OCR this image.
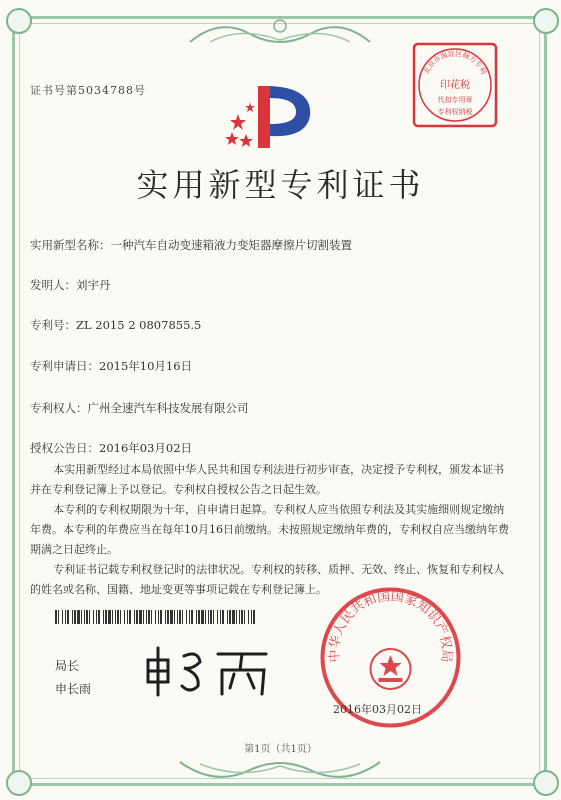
证书号第5034788号
北京市海淀区翰方专利
印花税
代扣专用章
专利权纳税
实用新型专利证书
实用新型名称：一种汽车自动变速箱液力变矩器摩擦片切割装置
发明人：刘宇丹
专利号：ZL 2015 2 0807855.5
专利申请日：2015年10月16日
专利权人：广州全速汽车科技发展有限公司
授权公告日：2016年03月02日

本实用新型经过本局依照中华人民共和国专利法进行初步审查，决定授予专利权，颁发本证书并在专利登记簿上予以登记。专利权自授权公告之日起生效。

本专利的专利权期限为十年，自申请日起算。专利权人应当依照专利法及其实施细则规定缴纳年费。本专利的年费应当在每年10月16日前缴纳。未按照规定缴纳年费的，专利权自应当缴纳年费期满之日起终止。

专利证书记载专利权登记时的法律状况。专利权的转移、质押、无效、终止、恢复和专利权人的姓名或名称、国籍、地址变更等事项记载在专利登记簿上。

局长
申长雨
中华人民共和国国家知识产权局
2016年03月02日
第1页（共1页）
